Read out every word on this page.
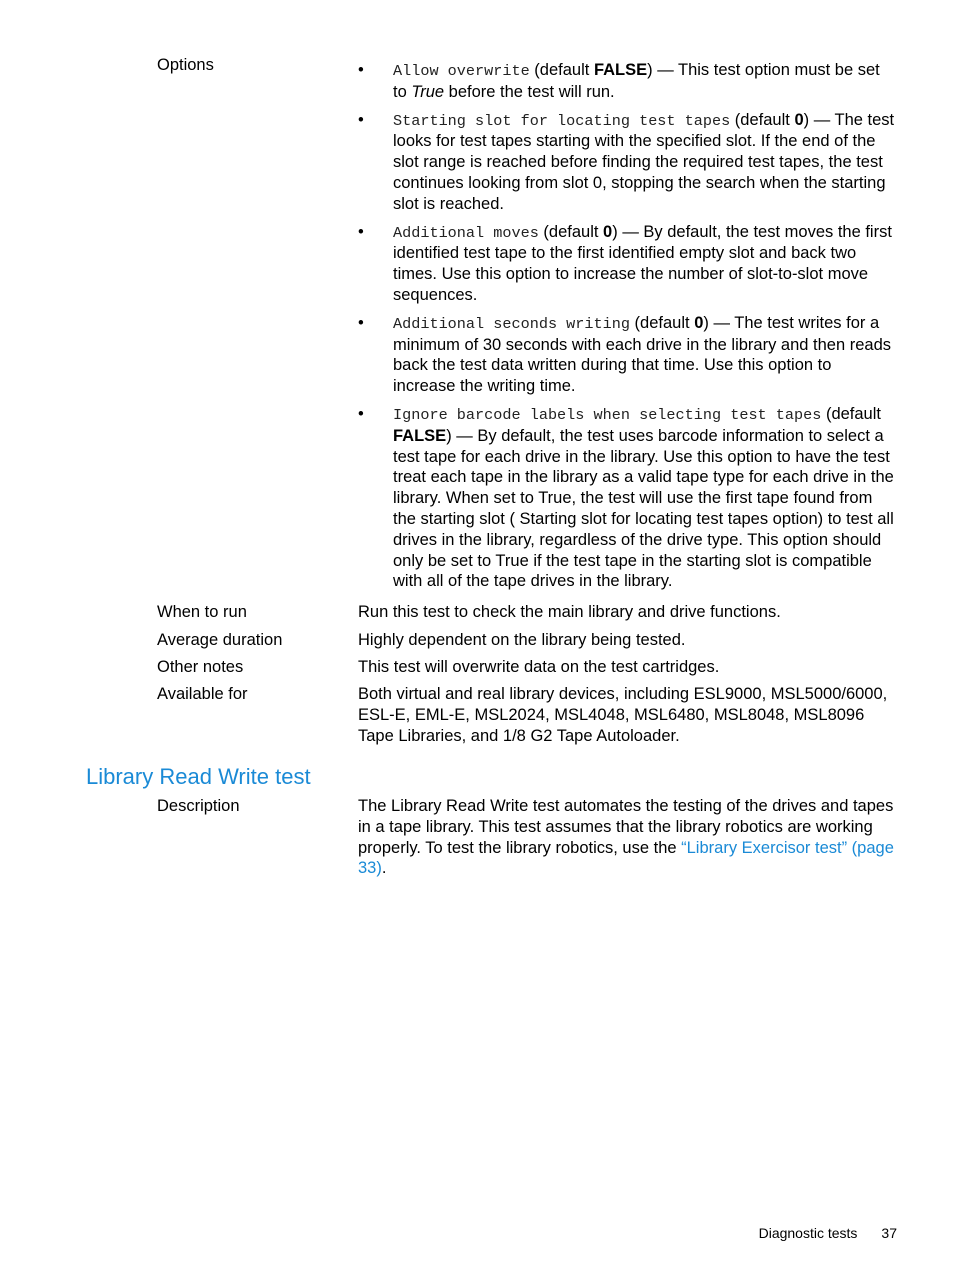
Options	•	Allow overwrite (default FALSE) — This test option must be set to True before the test will run.
•	Starting slot for locating test tapes (default 0) — The test looks for test tapes starting with the specified slot. If the end of the slot range is reached before finding the required test tapes, the test continues looking from slot 0, stopping the search when the starting slot is reached.
•	Additional moves (default 0) — By default, the test moves the first identified test tape to the first identified empty slot and back two times. Use this option to increase the number of slot-to-slot move sequences.
•	Additional seconds writing (default 0) — The test writes for a minimum of 30 seconds with each drive in the library and then reads back the test data written during that time. Use this option to increase the writing time.
•	Ignore barcode labels when selecting test tapes (default FALSE) — By default, the test uses barcode information to select a test tape for each drive in the library. Use this option to have the test treat each tape in the library as a valid tape type for each drive in the library. When set to True, the test will use the first tape found from the starting slot ( Starting slot for locating test tapes option) to test all drives in the library, regardless of the drive type. This option should only be set to True if the test tape in the starting slot is compatible with all of the tape drives in the library.
When to run	Run this test to check the main library and drive functions.
Average duration	Highly dependent on the library being tested.
Other notes	This test will overwrite data on the test cartridges.
Available for	Both virtual and real library devices, including ESL9000, MSL5000/6000, ESL-E, EML-E, MSL2024, MSL4048, MSL6480, MSL8048, MSL8096 Tape Libraries, and 1/8 G2 Tape Autoloader.
Library Read Write test
Description	The Library Read Write test automates the testing of the drives and tapes in a tape library. This test assumes that the library robotics are working properly. To test the library robotics, use the “Library Exercisor test” (page 33).
Diagnostic tests 37
